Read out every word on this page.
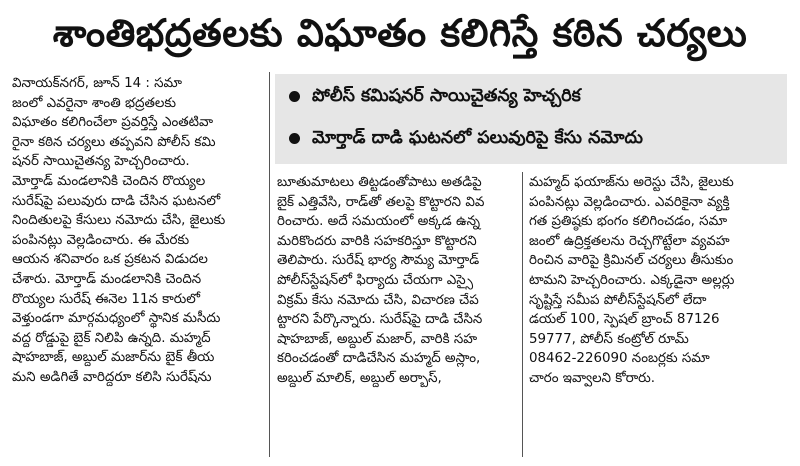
శాంతిభద్రతలకు విఘాతం కలిగిస్తే కఠిన చర్యలు
పోలీస్ కమిషనర్ సాయిచైతన్య హెచ్చరిక
మోర్తాడ్ దాడి ఘటనలో పలువురిపై కేసు నమోదు
వినాయక్‌నగర్, జూన్ 14 : సమా
జంలో ఎవరైనా శాంతి భద్రతలకు
విఘాతం కలిగించేలా ప్రవర్తిస్తే ఎంతటివా
రైనా కఠిన చర్యలు తప్పవని పోలీస్ కమి
షనర్ సాయిచైతన్య హెచ్చరించారు.
మోర్తాడ్ మండలానికి చెందిన రొయ్యల
సురేష్‌పై పలువురు దాడి చేసిన ఘటనలో
నిందితులపై కేసులు నమోదు చేసి, జైలుకు
పంపినట్లు వెల్లడించారు. ఈ మేరకు
ఆయన శనివారం ఒక ప్రకటన విడుదల
చేశారు. మోర్తాడ్ మండలానికి చెందిన
రొయ్యల సురేష్ ఈనెల 11న కారులో
వెళ్తుండగా మార్గమధ్యంలో స్థానిక మసీదు
వద్ద రోడ్డుపై బైక్ నిలిపి ఉన్నది. మహ్మద్
షాహబాజ్, అబ్దుల్ మజార్‌ను బైక్ తీయ
మని అడిగితే వారిద్దరూ కలిసి సురేష్‌ను
బూతుమాటలు తిట్టడంతోపాటు అతడిపై
బైక్ ఎత్తివేసి, రాడ్‌తో తలపై కొట్టారని వివ
రించారు. అదే సమయంలో అక్కడ ఉన్న
మరికొందరు వారికి సహకరిస్తూ కొట్టారని
తెలిపారు. సురేష్ భార్య సౌమ్య మోర్తాడ్
పోలీస్‌స్టేషన్‌లో ఫిర్యాదు చేయగా ఎస్సై
విక్రమ్ కేసు నమోదు చేసి, విచారణ చేప
ట్టారని పేర్కొన్నారు. సురేష్‌పై దాడి చేసిన
షాహబాజ్, అబ్దుల్ మజార్, వారికి సహ
కరించడంతో దాడిచేసిన మహ్మద్ అస్లాం,
అబ్దుల్ మాలిక్, అబ్దుల్ అర్బాస్,
మహ్మద్ ఫయాజ్‌ను అరెస్టు చేసి, జైలుకు
పంపినట్లు వెల్లడించారు. ఎవరికైనా వ్యక్తి
గత ప్రతిష్ఠకు భంగం కలిగించడం, సమా
జంలో ఉద్రిక్తతలను రెచ్చగొట్టేలా వ్యవహ
రించిన వారిపై క్రిమినల్ చర్యలు తీసుకుం
టామని హెచ్చరించారు. ఎక్కడైనా అల్లర్లు
సృష్టిస్తే సమీప పోలీస్‌స్టేషన్‌లో లేదా
డయల్ 100, స్పెషల్ బ్రాంచ్ 87126
59777, పోలీస్ కంట్రోల్ రూమ్
08462-226090 నంబర్లకు సమా
చారం ఇవ్వాలని కోరారు.
